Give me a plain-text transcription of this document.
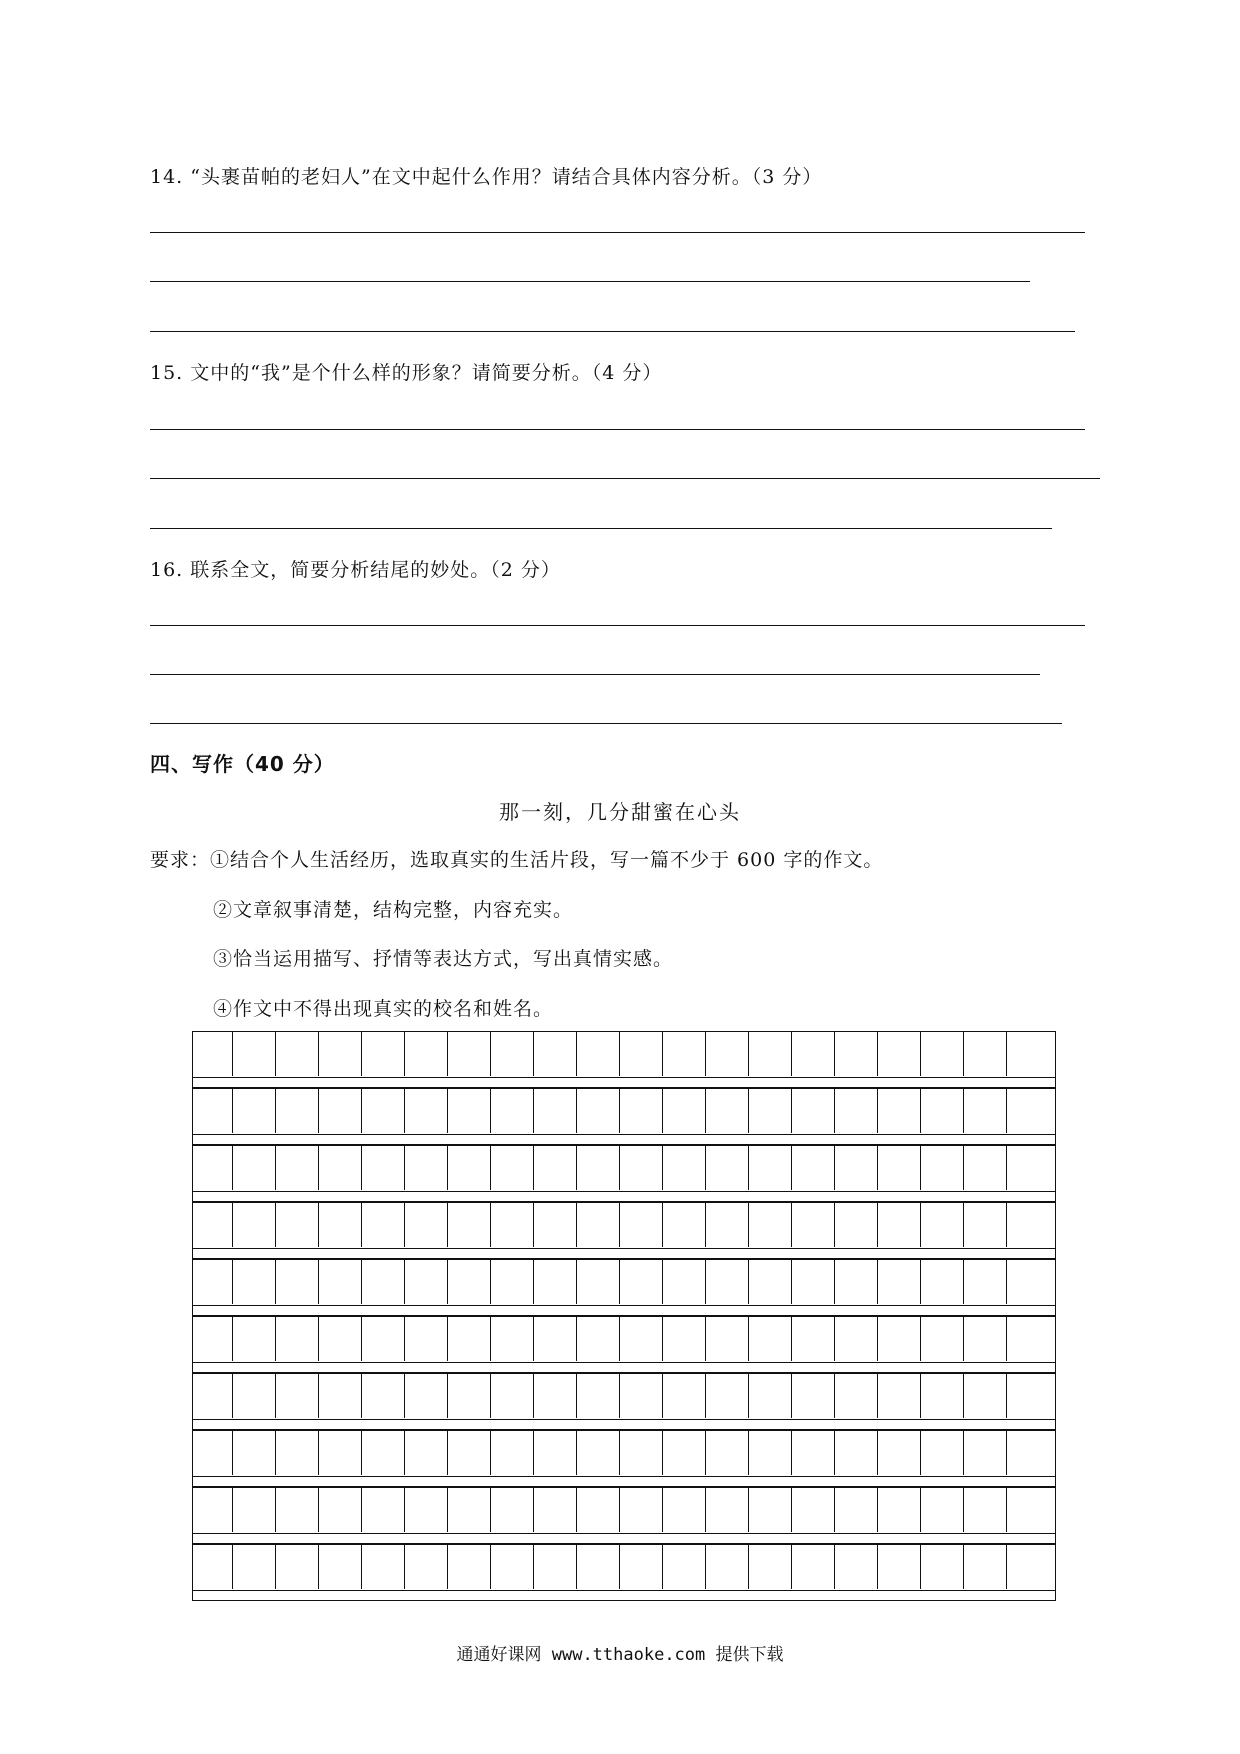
14. “头裹苗帕的老妇人”在文中起什么作用？请结合具体内容分析。（3 分）
15. 文中的“我”是个什么样的形象？请简要分析。（4 分）
16. 联系全文，简要分析结尾的妙处。（2 分）
四、写作（40 分）
那一刻，几分甜蜜在心头
要求：①结合个人生活经历，选取真实的生活片段，写一篇不少于 600 字的作文。
②文章叙事清楚，结构完整，内容充实。
③恰当运用描写、抒情等表达方式，写出真情实感。
④作文中不得出现真实的校名和姓名。
通通好课网 www.tthaoke.com 提供下载
